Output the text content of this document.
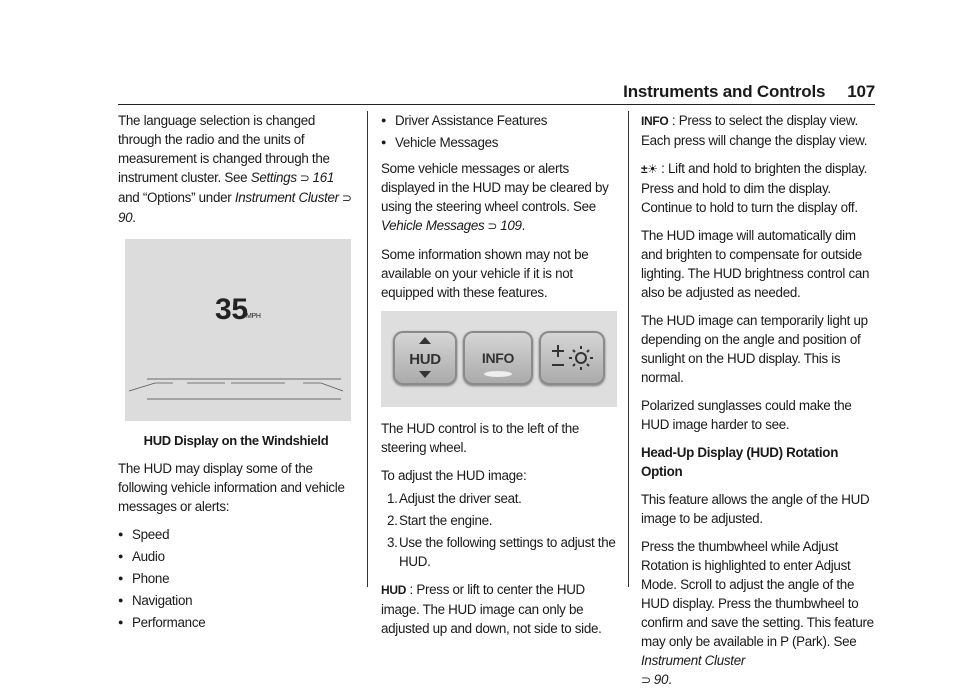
Instruments and Controls 107

The language selection is changed through the radio and the units of measurement is changed through the instrument cluster. See Settings ⊃ 161 and “Options” under Instrument Cluster ⊃ 90.

35
MPH

HUD Display on the Windshield

The HUD may display some of the following vehicle information and vehicle messages or alerts:

● Speed
● Audio
● Phone
● Navigation
● Performance
● Driver Assistance Features
● Vehicle Messages

Some vehicle messages or alerts displayed in the HUD may be cleared by using the steering wheel controls. See Vehicle Messages ⊃ 109.

Some information shown may not be available on your vehicle if it is not equipped with these features.

HUD	INFO

The HUD control is to the left of the steering wheel.

To adjust the HUD image:

1. Adjust the driver seat.
2. Start the engine.
3. Use the following settings to adjust the HUD.

HUD : Press or lift to center the HUD image. The HUD image can only be adjusted up and down, not side to side.

INFO : Press to select the display view. Each press will change the display view.

±☀ : Lift and hold to brighten the display. Press and hold to dim the display. Continue to hold to turn the display off.

The HUD image will automatically dim and brighten to compensate for outside lighting. The HUD brightness control can also be adjusted as needed.

The HUD image can temporarily light up depending on the angle and position of sunlight on the HUD display. This is normal.

Polarized sunglasses could make the HUD image harder to see.

Head-Up Display (HUD) Rotation Option

This feature allows the angle of the HUD image to be adjusted.

Press the thumbwheel while Adjust Rotation is highlighted to enter Adjust Mode. Scroll to adjust the angle of the HUD display. Press the thumbwheel to confirm and save the setting. This feature may only be available in P (Park). See Instrument Cluster
⊃ 90.
